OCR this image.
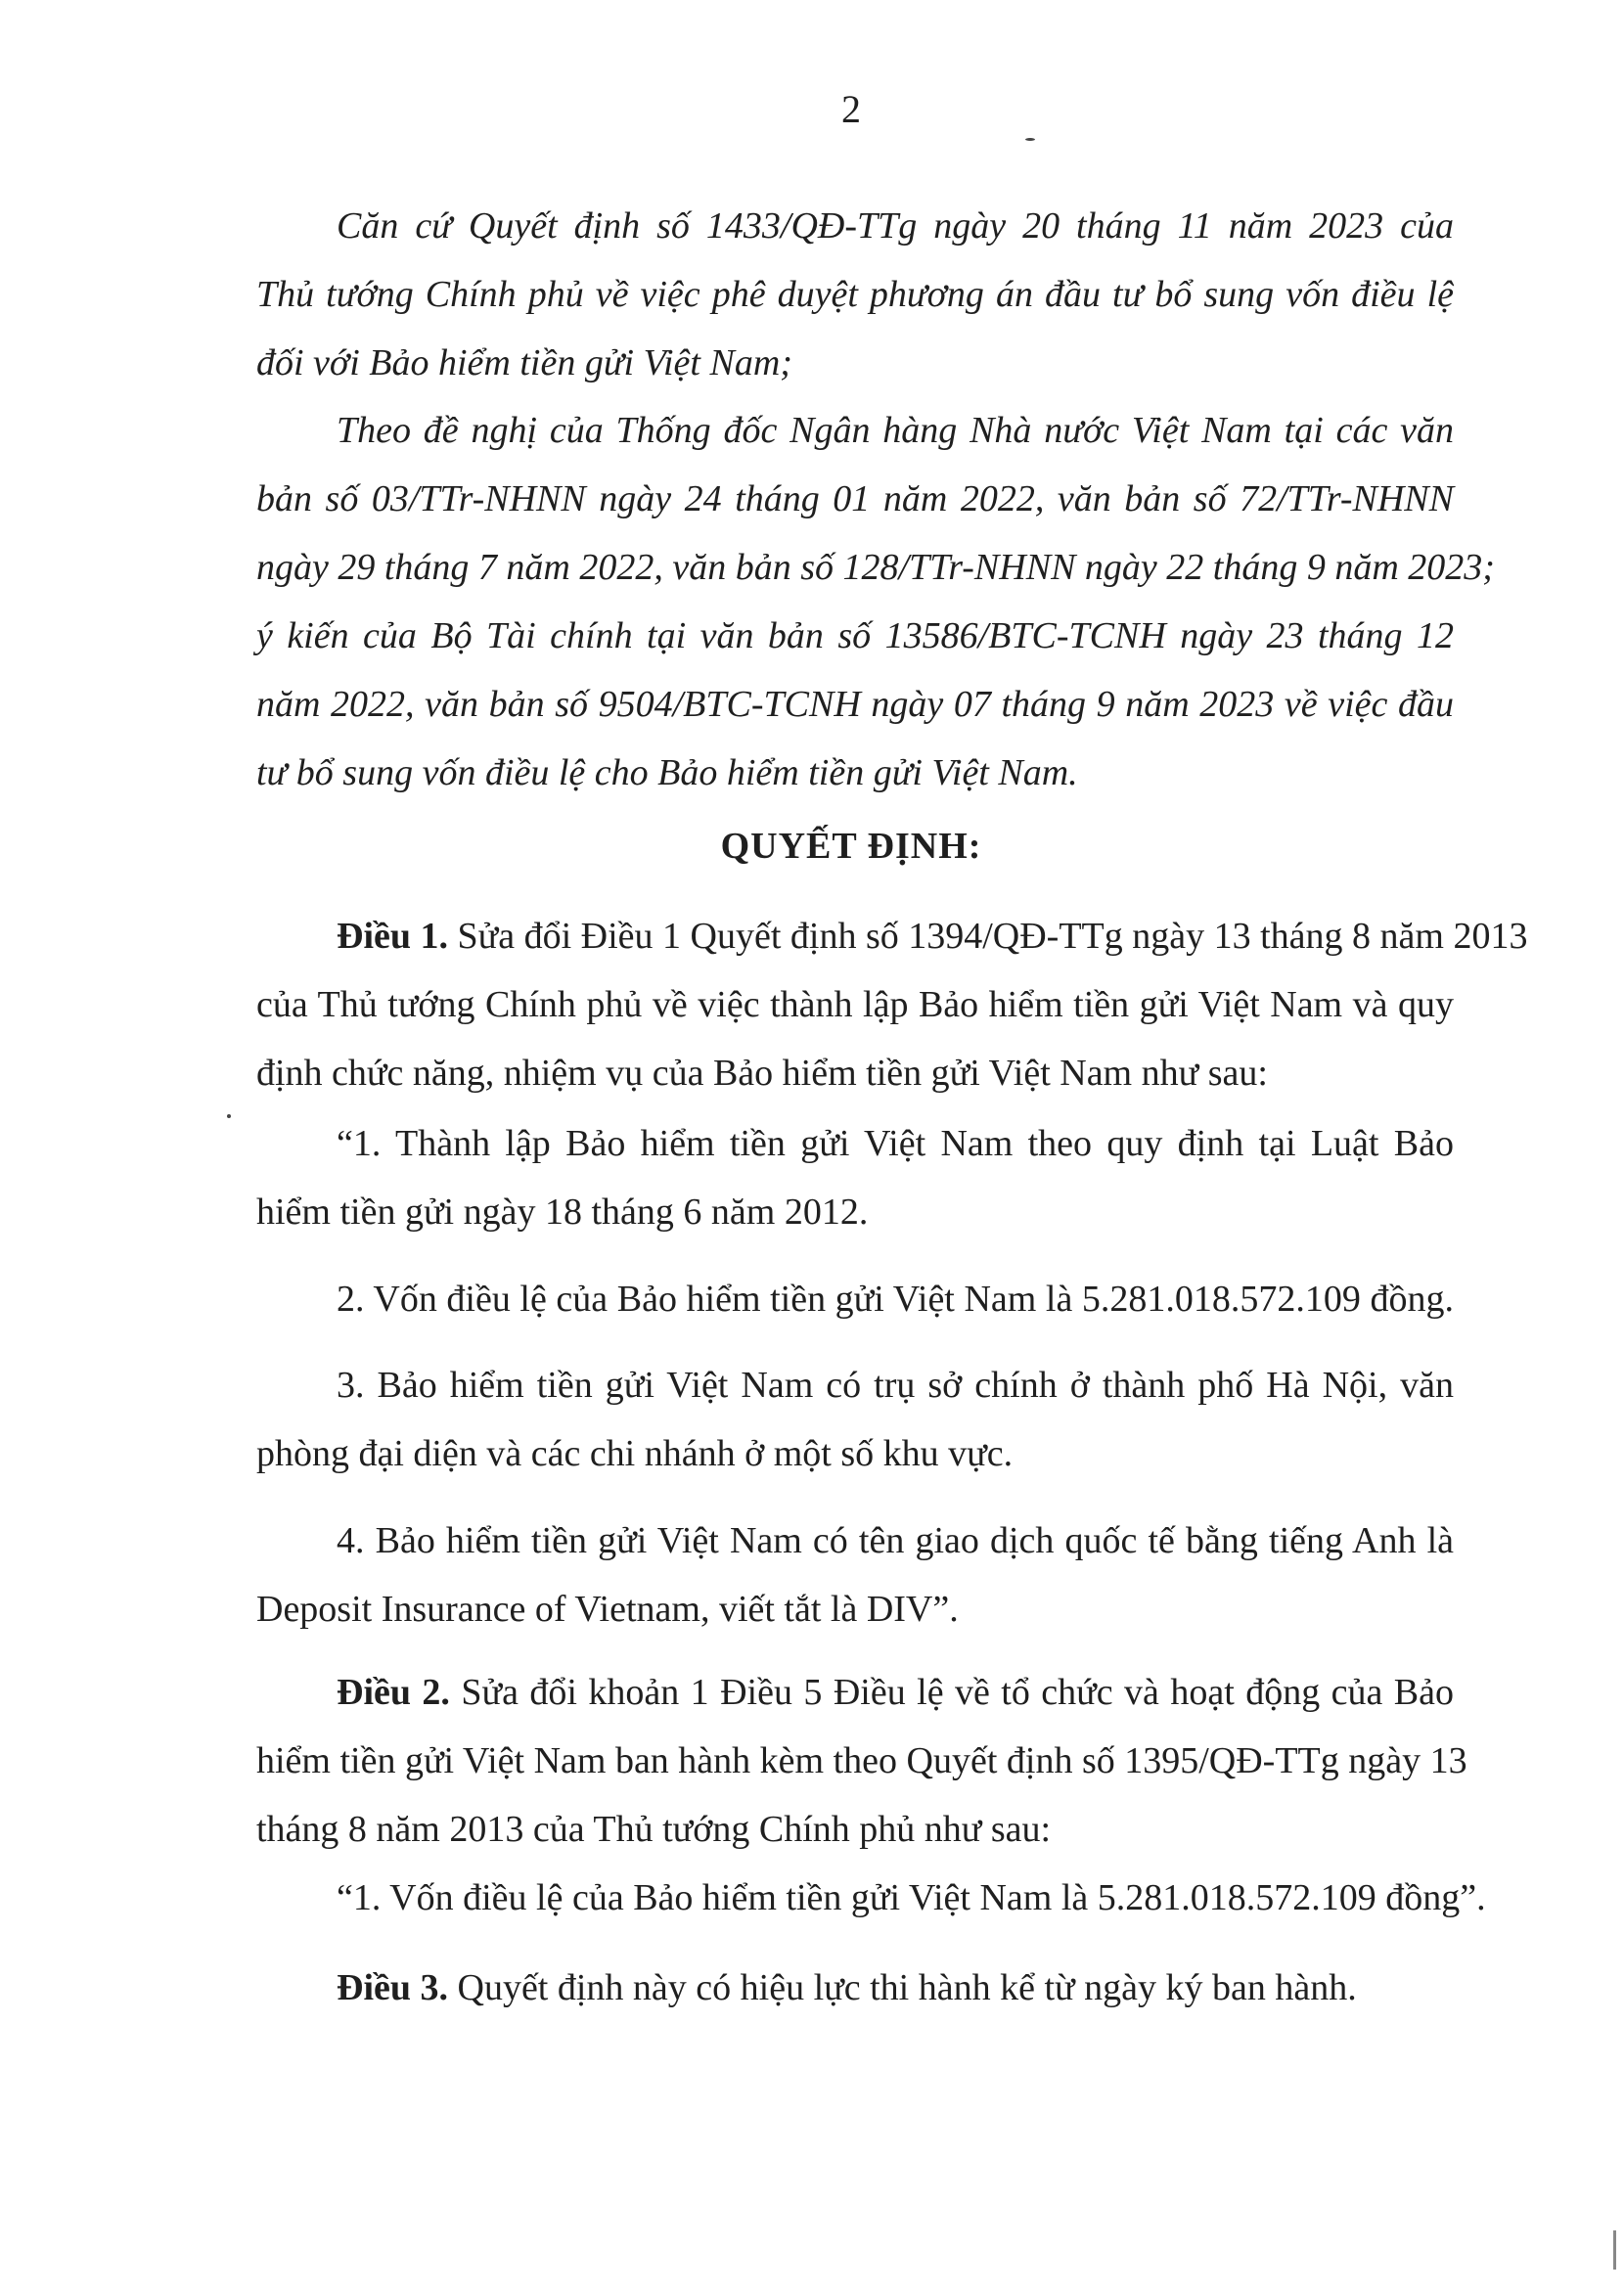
2
Căn cứ Quyết định số 1433/QĐ-TTg ngày 20 tháng 11 năm 2023 của
Thủ tướng Chính phủ về việc phê duyệt phương án đầu tư bổ sung vốn điều lệ
đối với Bảo hiểm tiền gửi Việt Nam;
Theo đề nghị của Thống đốc Ngân hàng Nhà nước Việt Nam tại các văn
bản số 03/TTr-NHNN ngày 24 tháng 01 năm 2022, văn bản số 72/TTr-NHNN
ngày 29 tháng 7 năm 2022, văn bản số 128/TTr-NHNN ngày 22 tháng 9 năm 2023;
ý kiến của Bộ Tài chính tại văn bản số 13586/BTC-TCNH ngày 23 tháng 12
năm 2022, văn bản số 9504/BTC-TCNH ngày 07 tháng 9 năm 2023 về việc đầu
tư bổ sung vốn điều lệ cho Bảo hiểm tiền gửi Việt Nam.
QUYẾT ĐỊNH:
Điều 1. Sửa đổi Điều 1 Quyết định số 1394/QĐ-TTg ngày 13 tháng 8 năm 2013
của Thủ tướng Chính phủ về việc thành lập Bảo hiểm tiền gửi Việt Nam và quy
định chức năng, nhiệm vụ của Bảo hiểm tiền gửi Việt Nam như sau:
“1. Thành lập Bảo hiểm tiền gửi Việt Nam theo quy định tại Luật Bảo
hiểm tiền gửi ngày 18 tháng 6 năm 2012.
2. Vốn điều lệ của Bảo hiểm tiền gửi Việt Nam là 5.281.018.572.109 đồng.
3. Bảo hiểm tiền gửi Việt Nam có trụ sở chính ở thành phố Hà Nội, văn
phòng đại diện và các chi nhánh ở một số khu vực.
4. Bảo hiểm tiền gửi Việt Nam có tên giao dịch quốc tế bằng tiếng Anh là
Deposit Insurance of Vietnam, viết tắt là DIV”.
Điều 2. Sửa đổi khoản 1 Điều 5 Điều lệ về tổ chức và hoạt động của Bảo
hiểm tiền gửi Việt Nam ban hành kèm theo Quyết định số 1395/QĐ-TTg ngày 13
tháng 8 năm 2013 của Thủ tướng Chính phủ như sau:
“1. Vốn điều lệ của Bảo hiểm tiền gửi Việt Nam là 5.281.018.572.109 đồng”.
Điều 3. Quyết định này có hiệu lực thi hành kể từ ngày ký ban hành.
